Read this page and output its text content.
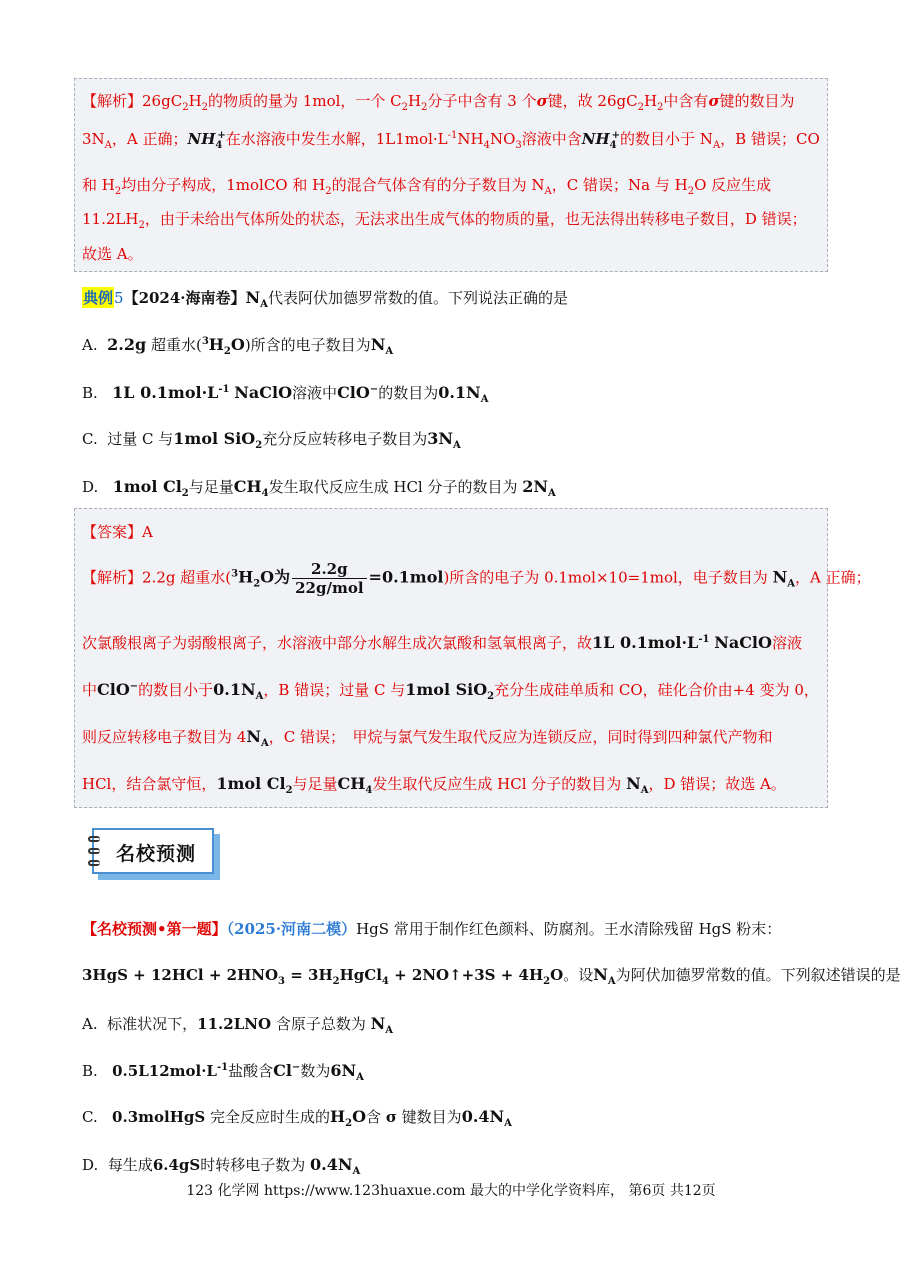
【解析】$26gC_2H_2$的物质的量为 1mol，一个 $C_2H_2$分子中含有 3 个σ键，故 $26gC_2H_2$中含有σ键的数目为
$3N_A$，A 正确；$NH_4^+$在水溶液中发生水解，$1L1mol\cdot L^{-1}NH_4NO_3$溶液中含$NH_4^+$的数目小于 $N_A$，B 错误；CO
和 $H_2$均由分子构成，1molCO 和 $H_2$的混合气体含有的分子数目为 $N_A$，C 错误；Na 与 $H_2O$ 反应生成
$11.2LH_2$，由于未给出气体所处的状态，无法求出生成气体的物质的量，也无法得出转移电子数目，D 错误；
故选 A。
典例5【2024·海南卷】$N_A$代表阿伏加德罗常数的值。下列说法正确的是
A. 2.2g 超重水$(^3H_2O)$所含的电子数目为$N_A$
B. 1L $0.1mol\cdot L^{-1}$ NaClO溶液中ClO−的数目为$0.1N_A$
C. 过量 C 与1mol SiO$_2$充分反应转移电子数目为$3N_A$
D. 1mol $Cl_2$与足量$CH_4$发生取代反应生成 HCl 分子的数目为 $2N_A$
【答案】A
【解析】2.2g 超重水($^3H_2O$为 $\frac{2.2g}{\text{22g/mol}} =0.1mol$)所含的电子为 0.1mol×10=1mol，电子数目为 $N_A$，A 正确；
次氯酸根离子为弱酸根离子，水溶液中部分水解生成次氯酸和氢氧根离子，故1L $0.1mol\cdot L^{-1}$ NaClO溶液
中ClO−的数目小于$0.1N_A$，B 错误；过量 C 与1mol SiO$_2$充分生成硅单质和 CO，硅化合价由+4 变为 0，
则反应转移电子数目为 $4N_A$，C 错误；　甲烷与氯气发生取代反应为连锁反应，同时得到四种氯代产物和
HCl，结合氯守恒，1mol $Cl_2$与足量$CH_4$发生取代反应生成 HCl 分子的数目为 $N_A$，D 错误；故选 A。
名校预测
【名校预测•第一题】（2025·河南二模）HgS 常用于制作红色颜料、防腐剂。王水清除残留 HgS 粉末：
$3HgS + 12HCl + 2HNO_3$ = $3H_2HgCl_4$ + 2NO↑+3S + $4H_2O$。设$N_A$为阿伏加德罗常数的值。下列叙述错误的是
A. 标准状况下，11.2LNO 含原子总数为 $N_A$
B. $0.5L12mol\cdot L^{-1}$盐酸含Cl−数为$6N_A$
C. 0.3molHgS 完全反应时生成的$H_2O$含 σ 键数目为$0.4N_A$
D. 每生成6.4gS时转移电子数为 $0.4N_A$
123 化学网 https://www.123huaxue.com 最大的中学化学资料库， 第6页 共12页
